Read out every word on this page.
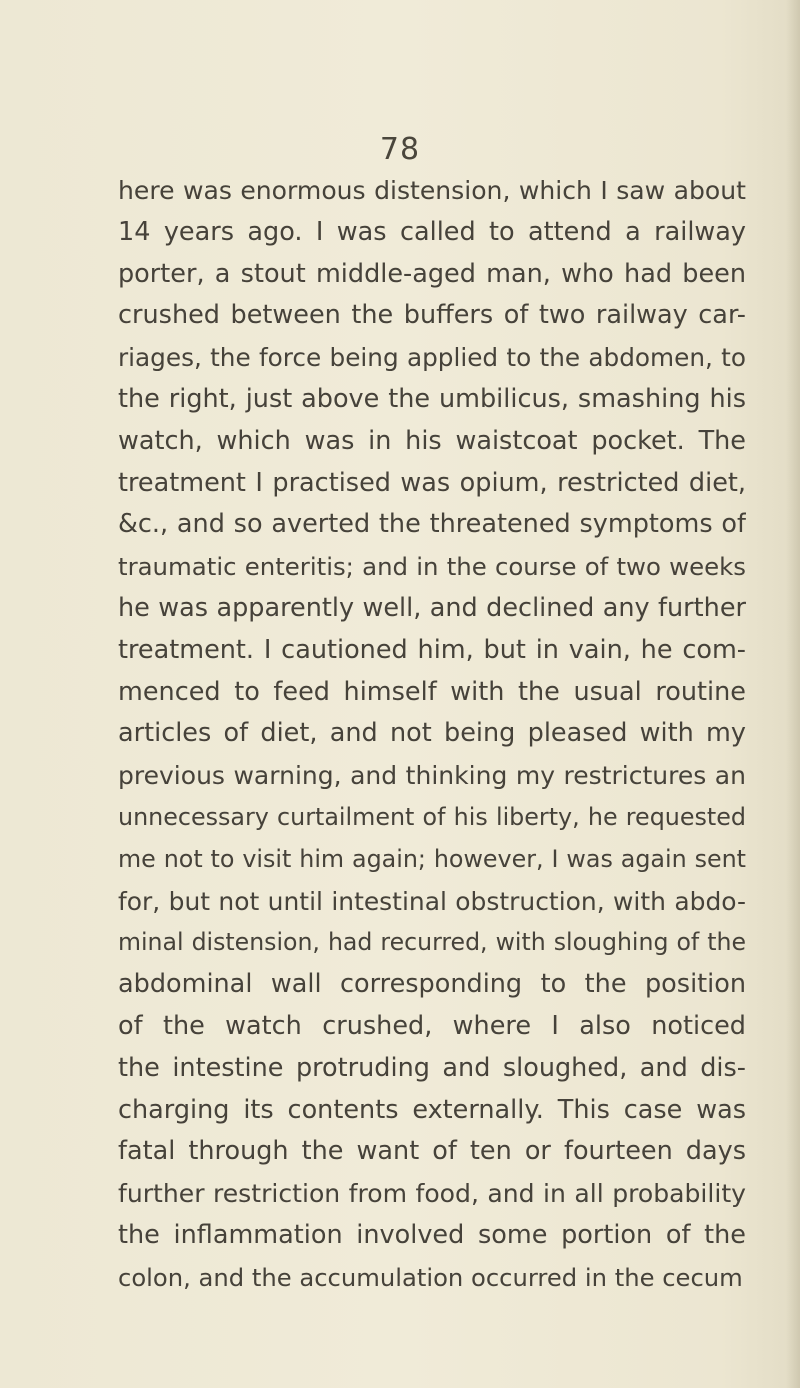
78
here was enormous distension, which I saw about
14 years ago. I was called to attend a railway
porter, a stout middle-aged man, who had been
crushed between the buffers of two railway car-
riages, the force being applied to the abdomen, to
the right, just above the umbilicus, smashing his
watch, which was in his waistcoat pocket. The
treatment I practised was opium, restricted diet,
&c., and so averted the threatened symptoms of
traumatic enteritis; and in the course of two weeks
he was apparently well, and declined any further
treatment. I cautioned him, but in vain, he com-
menced to feed himself with the usual routine
articles of diet, and not being pleased with my
previous warning, and thinking my restrictures an
unnecessary curtailment of his liberty, he requested
me not to visit him again; however, I was again sent
for, but not until intestinal obstruction, with abdo-
minal distension, had recurred, with sloughing of the
abdominal wall corresponding to the position
of the watch crushed, where I also noticed
the intestine protruding and sloughed, and dis-
charging its contents externally. This case was
fatal through the want of ten or fourteen days
further restriction from food, and in all probability
the inflammation involved some portion of the
colon, and the accumulation occurred in the cecum
